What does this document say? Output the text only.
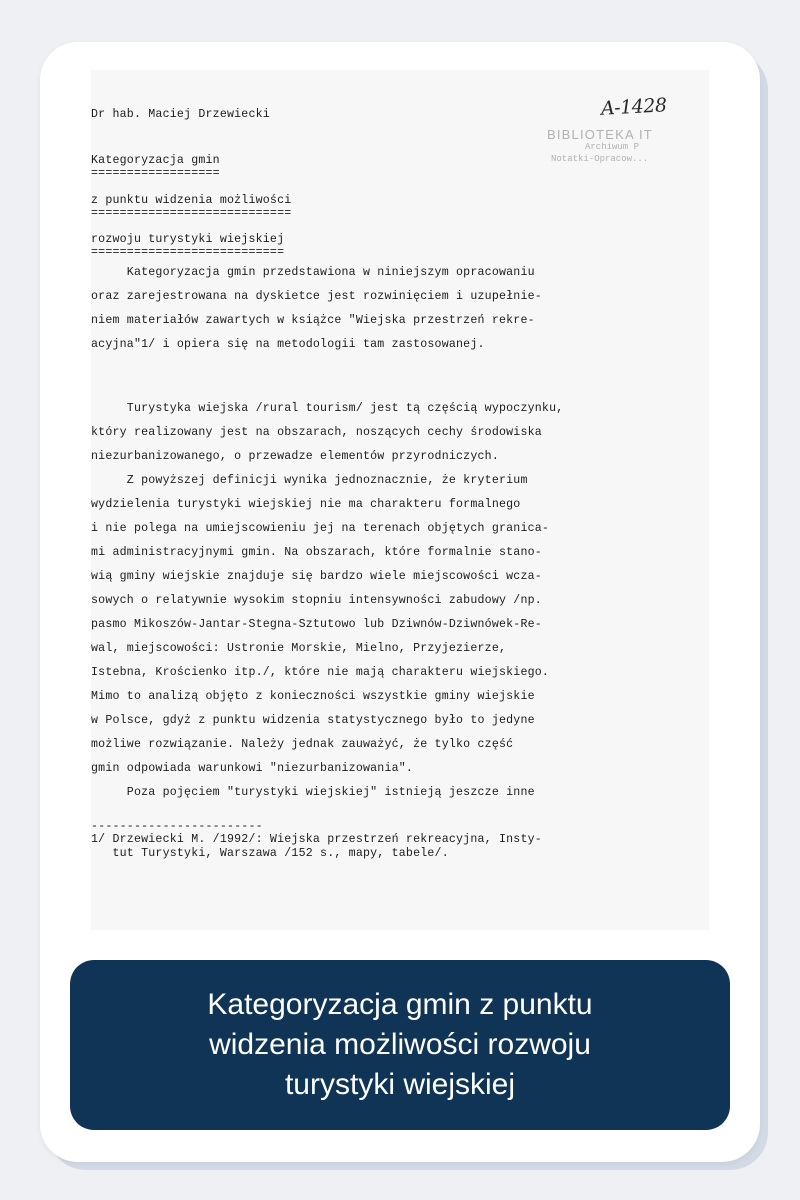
A-1428
BIBLIOTEKA IT
Archiwum P
Notatki-Opracow...
Dr hab. Maciej Drzewiecki
Kategoryzacja gmin
==================
z punktu widzenia możliwości
============================
rozwoju turystyki wiejskiej
===========================
Kategoryzacja gmin przedstawiona w niniejszym opracowaniu
oraz zarejestrowana na dyskietce jest rozwinięciem i uzupełnie-
niem materiałów zawartych w książce "Wiejska przestrzeń rekre-
acyjna"1/ i opiera się na metodologii tam zastosowanej.
Turystyka wiejska /rural tourism/ jest tą częścią wypoczynku,
który realizowany jest na obszarach, noszących cechy środowiska
niezurbanizowanego, o przewadze elementów przyrodniczych.
Z powyższej definicji wynika jednoznacznie, że kryterium
wydzielenia turystyki wiejskiej nie ma charakteru formalnego
i nie polega na umiejscowieniu jej na terenach objętych granica-
mi administracyjnymi gmin. Na obszarach, które formalnie stano-
wią gminy wiejskie znajduje się bardzo wiele miejscowości wcza-
sowych o relatywnie wysokim stopniu intensywności zabudowy /np.
pasmo Mikoszów-Jantar-Stegna-Sztutowo lub Dziwnów-Dziwnówek-Re-
wal, miejscowości: Ustronie Morskie, Mielno, Przyjezierze,
Istebna, Krościenko itp./, które nie mają charakteru wiejskiego.
Mimo to analizą objęto z konieczności wszystkie gminy wiejskie
w Polsce, gdyż z punktu widzenia statystycznego było to jedyne
możliwe rozwiązanie. Należy jednak zauważyć, że tylko część
gmin odpowiada warunkowi "niezurbanizowania".
Poza pojęciem "turystyki wiejskiej" istnieją jeszcze inne
------------------------
1/ Drzewiecki M. /1992/: Wiejska przestrzeń rekreacyjna, Insty-
tut Turystyki, Warszawa /152 s., mapy, tabele/.
Kategoryzacja gmin z punktu widzenia możliwości rozwoju turystyki wiejskiej
